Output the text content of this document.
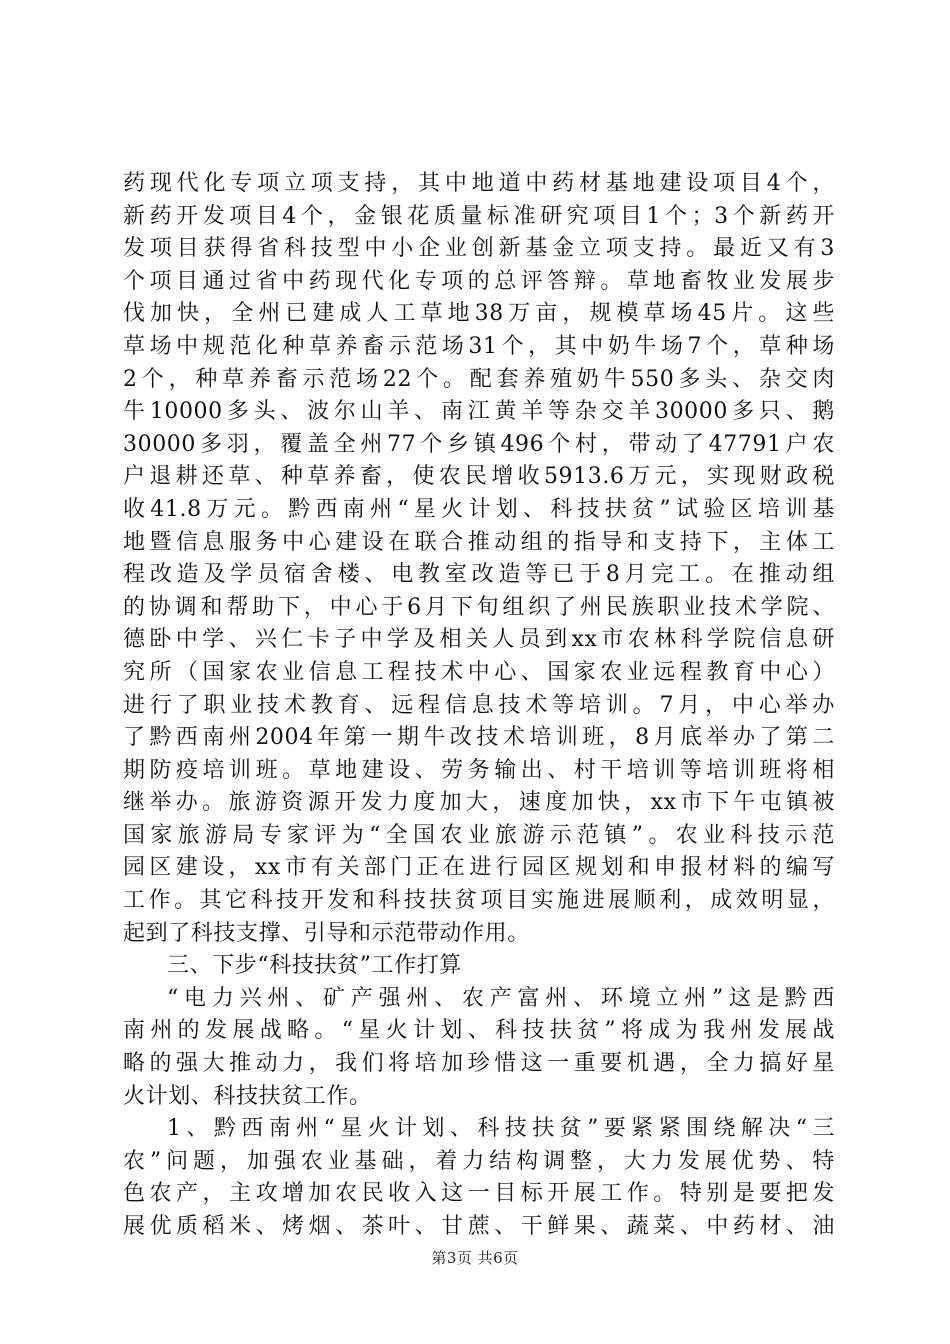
药现代化专项立项支持，其中地道中药材基地建设项目4个，
新药开发项目4个，金银花质量标准研究项目1个；3个新药开
发项目获得省科技型中小企业创新基金立项支持。最近又有3
个项目通过省中药现代化专项的总评答辩。草地畜牧业发展步
伐加快，全州已建成人工草地38万亩，规模草场45片。这些
草场中规范化种草养畜示范场31个，其中奶牛场7个，草种场
2个，种草养畜示范场22个。配套养殖奶牛550多头、杂交肉
牛10000多头、波尔山羊、南江黄羊等杂交羊30000多只、鹅
30000多羽，覆盖全州77个乡镇496个村，带动了47791户农
户退耕还草、种草养畜，使农民增收5913.6万元，实现财政税
收41.8万元。黔西南州“星火计划、科技扶贫”试验区培训基
地暨信息服务中心建设在联合推动组的指导和支持下，主体工
程改造及学员宿舍楼、电教室改造等已于8月完工。在推动组
的协调和帮助下，中心于6月下旬组织了州民族职业技术学院、
德卧中学、兴仁卡子中学及相关人员到xx市农林科学院信息研
究所（国家农业信息工程技术中心、国家农业远程教育中心）
进行了职业技术教育、远程信息技术等培训。7月，中心举办
了黔西南州2004年第一期牛改技术培训班，8月底举办了第二
期防疫培训班。草地建设、劳务输出、村干培训等培训班将相
继举办。旅游资源开发力度加大，速度加快，xx市下午屯镇被
国家旅游局专家评为“全国农业旅游示范镇”。农业科技示范
园区建设，xx市有关部门正在进行园区规划和申报材料的编写
工作。其它科技开发和科技扶贫项目实施进展顺利，成效明显，
起到了科技支撑、引导和示范带动作用。
三、下步“科技扶贫”工作打算
“电力兴州、矿产强州、农产富州、环境立州”这是黔西
南州的发展战略。“星火计划、科技扶贫”将成为我州发展战
略的强大推动力，我们将培加珍惜这一重要机遇，全力搞好星
火计划、科技扶贫工作。
1、黔西南州“星火计划、科技扶贫”要紧紧围绕解决“三
农”问题，加强农业基础，着力结构调整，大力发展优势、特
色农产，主攻增加农民收入这一目标开展工作。特别是要把发
展优质稻米、烤烟、茶叶、甘蔗、干鲜果、蔬菜、中药材、油
第3页 共6页
